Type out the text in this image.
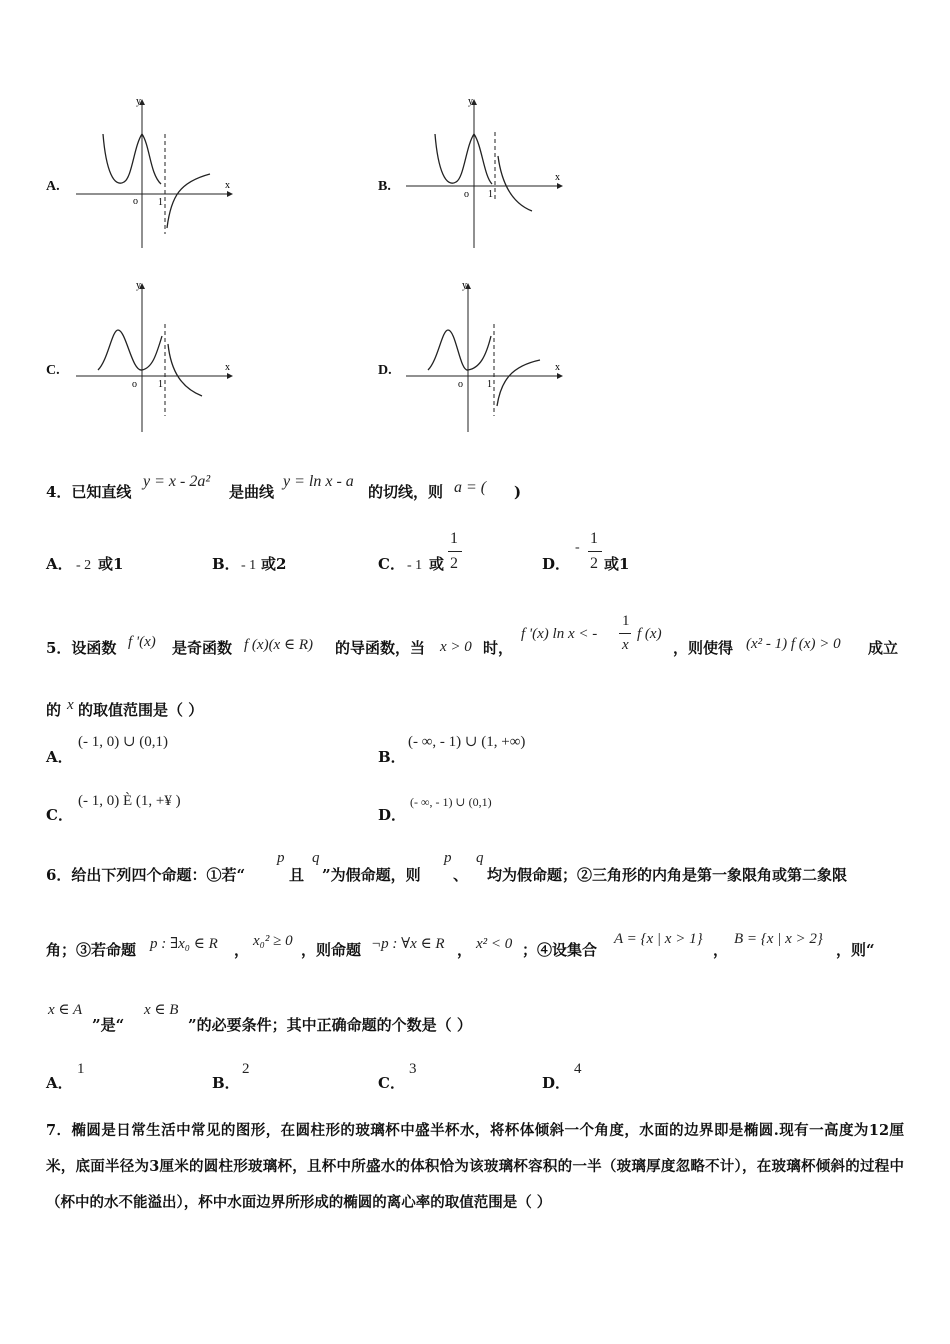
A.
y
x
o 1
B.
y
x
o 1
C.
y
x
o 1
D.
y
x
o 1
4．已知直线
y = x - 2a²
是曲线
y = ln x - a
的切线，则 a = ( )
A． - 2 或1	B． - 1 或2	C． - 1 或
1
2	D．
-
1
2 或1
5．设函数 f '(x) 是奇函数 f (x)(x ∈ R) 的导函数，当 x > 0 时，
f '(x) ln x < -
1
x
f (x)
，则使得 (x² - 1) f (x) > 0 成立
的 x 的取值范围是（ ）
A．
(- 1, 0) ∪ (0,1)
B．
(- ∞, - 1) ∪ (1, +∞)
C．
(- 1, 0) È (1, +¥ )
D．
(- ∞, - 1) ∪ (0,1)
6．给出下列四个命题：①若“
p
且
q
”为假命题，则
p
、
q
均为假命题；②三角形的内角是第一象限角或第二象限
角；③若命题 p : ∃x₀ ∈ R ， x₀² ≥ 0 ，则命题 ¬p : ∀x ∈ R ， x² < 0 ；④设集合
A = {x | x > 1}
，
B = {x | x > 2}
，则“
x ∈ A
”是“
x ∈ B
”的必要条件；其中正确命题的个数是（ ）
A．
1
B．
2
C．
3
D．
4
7．椭圆是日常生活中常见的图形，在圆柱形的玻璃杯中盛半杯水，将杯体倾斜一个角度，水面的边界即是椭圆.现有一高度为12厘米，底面半径为3厘米的圆柱形玻璃杯，且杯中所盛水的体积恰为该玻璃杯容积的一半（玻璃厚度忽略不计），在玻璃杯倾斜的过程中（杯中的水不能溢出），杯中水面边界所形成的椭圆的离心率的取值范围是（ ）
